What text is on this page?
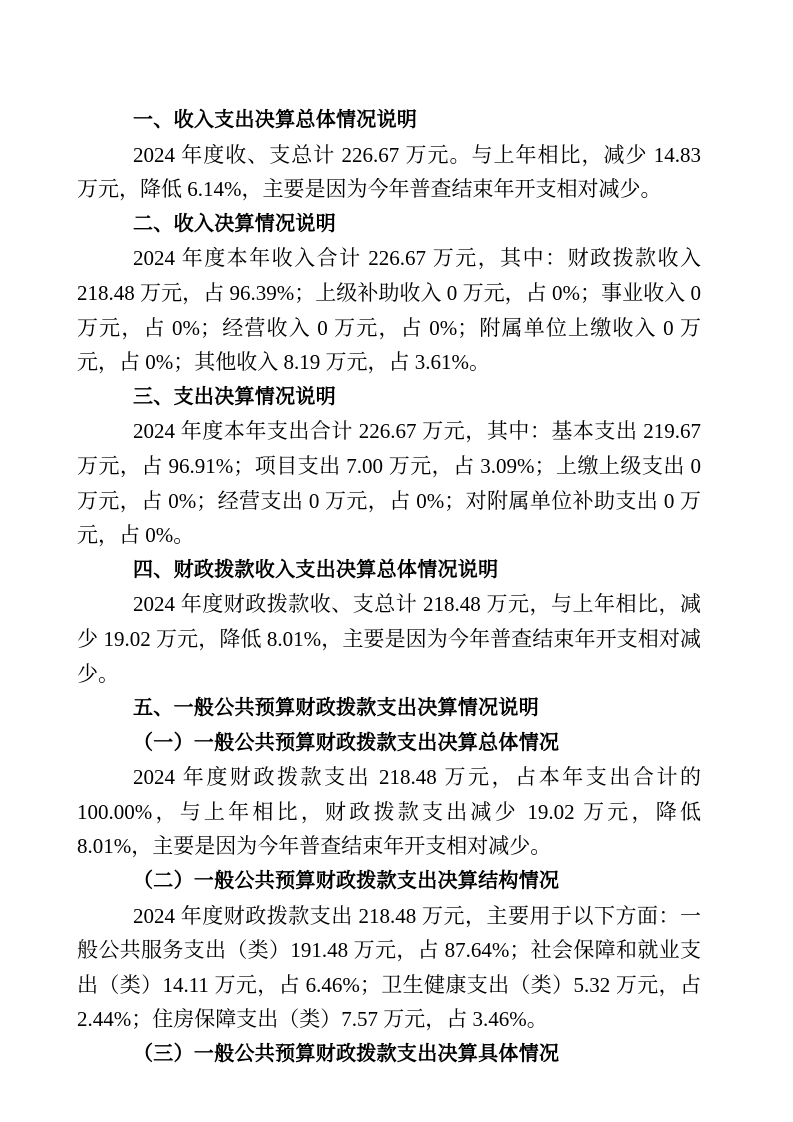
一、收入支出决算总体情况说明

2024 年度收、支总计 226.67 万元。与上年相比，减少 14.83 万元，降低 6.14%，主要是因为今年普查结束年开支相对减少。

二、收入决算情况说明

2024 年度本年收入合计 226.67 万元，其中：财政拨款收入 218.48 万元，占 96.39%；上级补助收入 0 万元，占 0%；事业收入 0 万元，占 0%；经营收入 0 万元，占 0%；附属单位上缴收入 0 万元，占 0%；其他收入 8.19 万元，占 3.61%。

三、支出决算情况说明

2024 年度本年支出合计 226.67 万元，其中：基本支出 219.67 万元，占 96.91%；项目支出 7.00 万元，占 3.09%；上缴上级支出 0 万元，占 0%；经营支出 0 万元，占 0%；对附属单位补助支出 0 万元，占 0%。

四、财政拨款收入支出决算总体情况说明

2024 年度财政拨款收、支总计 218.48 万元，与上年相比，减少 19.02 万元，降低 8.01%，主要是因为今年普查结束年开支相对减少。

五、一般公共预算财政拨款支出决算情况说明

（一）一般公共预算财政拨款支出决算总体情况

2024 年度财政拨款支出 218.48 万元，占本年支出合计的 100.00%，与上年相比，财政拨款支出减少 19.02 万元，降低 8.01%，主要是因为今年普查结束年开支相对减少。

（二）一般公共预算财政拨款支出决算结构情况

2024 年度财政拨款支出 218.48 万元，主要用于以下方面：一般公共服务支出（类）191.48 万元，占 87.64%；社会保障和就业支出（类）14.11 万元，占 6.46%；卫生健康支出（类）5.32 万元，占 2.44%；住房保障支出（类）7.57 万元，占 3.46%。

（三）一般公共预算财政拨款支出决算具体情况
